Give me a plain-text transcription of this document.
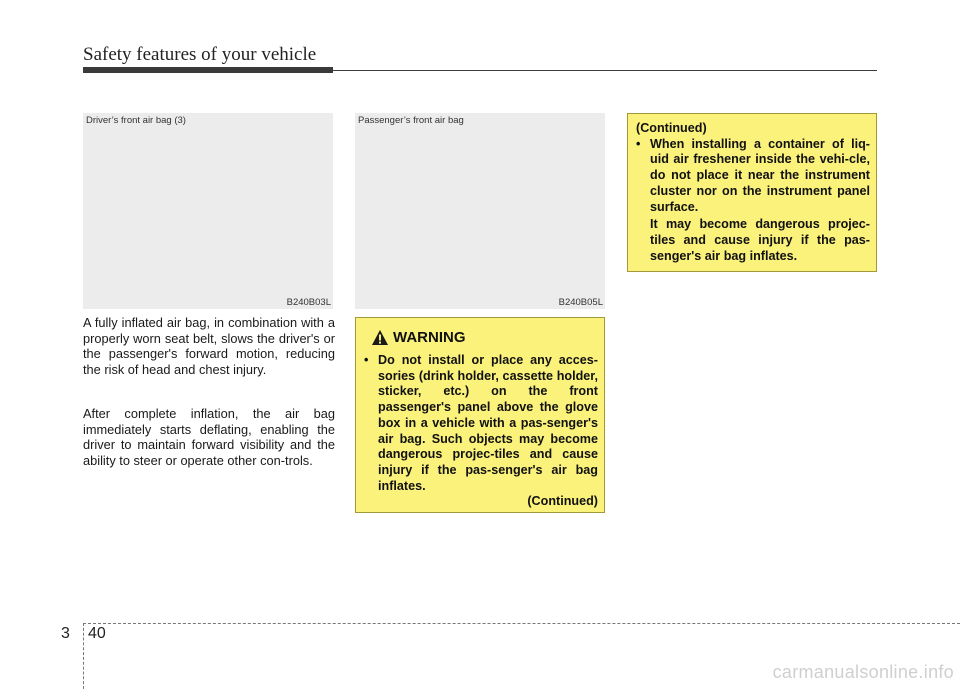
Safety features of your vehicle
Driver’s front air bag (3)
B240B03L
Passenger’s front air bag
B240B05L

A fully inflated air bag, in combination with a properly worn seat belt, slows the driver's or the passenger's forward motion, reducing the risk of head and chest injury.

After complete inflation, the air bag immediately starts deflating, enabling the driver to maintain forward visibility and the ability to steer or operate other con-trols.

WARNING
• Do not install or place any acces-sories (drink holder, cassette holder, sticker, etc.) on the front passenger's panel above the glove box in a vehicle with a pas-senger's air bag. Such objects may become dangerous projec-tiles and cause injury if the pas-senger's air bag inflates.
(Continued)
(Continued)
• When installing a container of liq-uid air freshener inside the vehi-cle, do not place it near the instrument cluster nor on the instrument panel surface.
It may become dangerous projec-tiles and cause injury if the pas-senger's air bag inflates.
3 40
carmanualsonline.info
